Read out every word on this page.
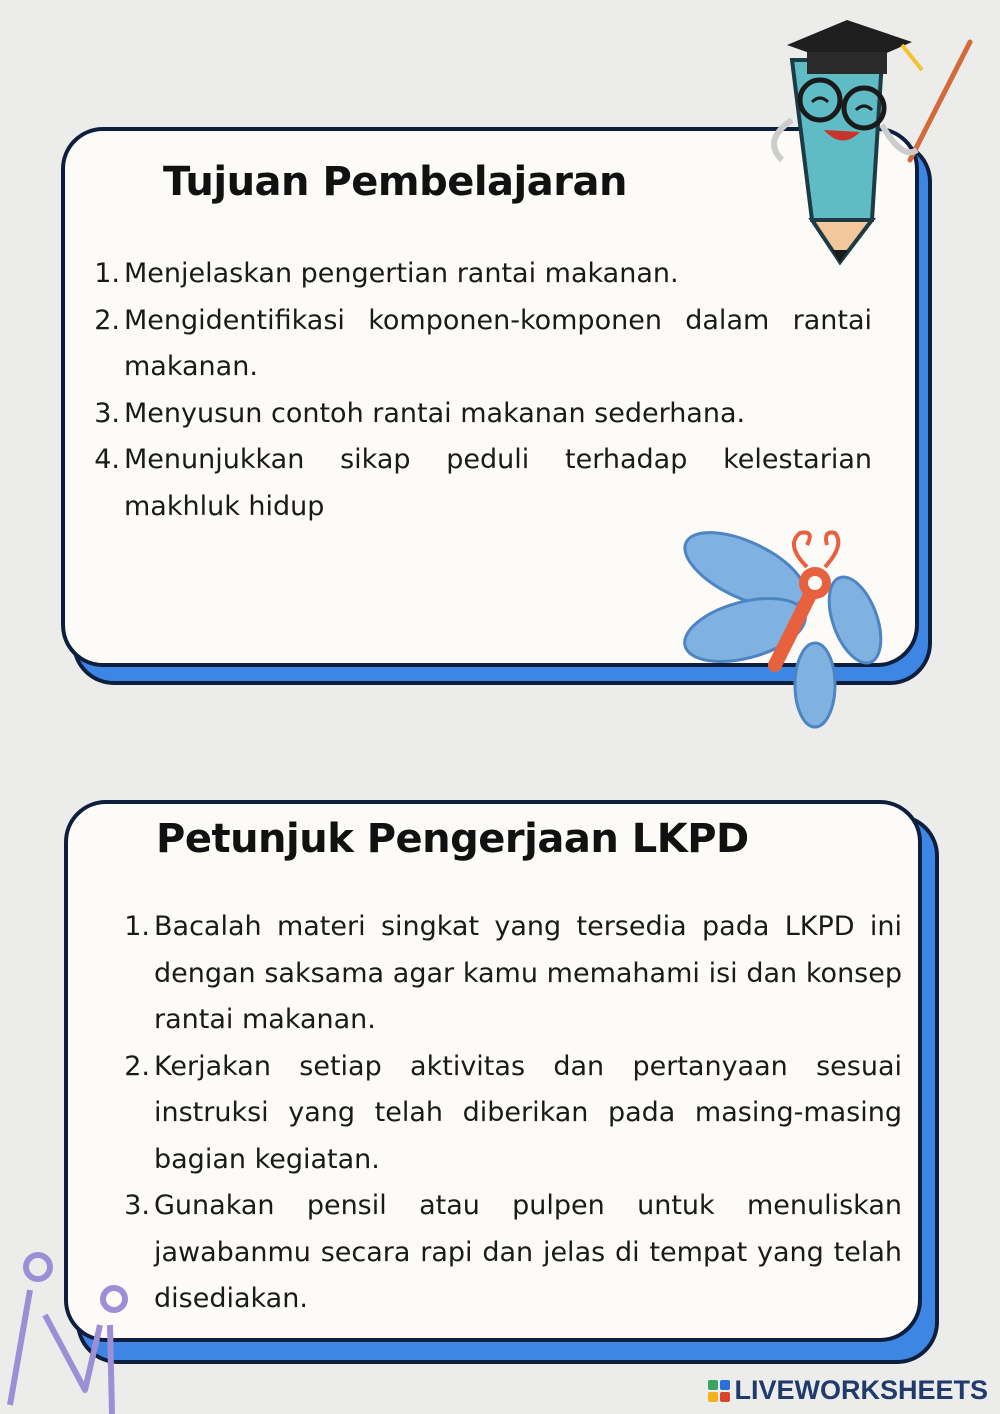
Tujuan Pembelajaran
1. Menjelaskan pengertian rantai makanan.
2. Mengidentifikasi komponen-komponen dalam rantai makanan.
3. Menyusun contoh rantai makanan sederhana.
4. Menunjukkan sikap peduli terhadap kelestarian makhluk hidup
Petunjuk Pengerjaan LKPD
1. Bacalah materi singkat yang tersedia pada LKPD ini dengan saksama agar kamu memahami isi dan konsep rantai makanan.
2. Kerjakan setiap aktivitas dan pertanyaan sesuai instruksi yang telah diberikan pada masing-masing bagian kegiatan.
3. Gunakan pensil atau pulpen untuk menuliskan jawabanmu secara rapi dan jelas di tempat yang telah disediakan.
LIVEWORKSHEETS
